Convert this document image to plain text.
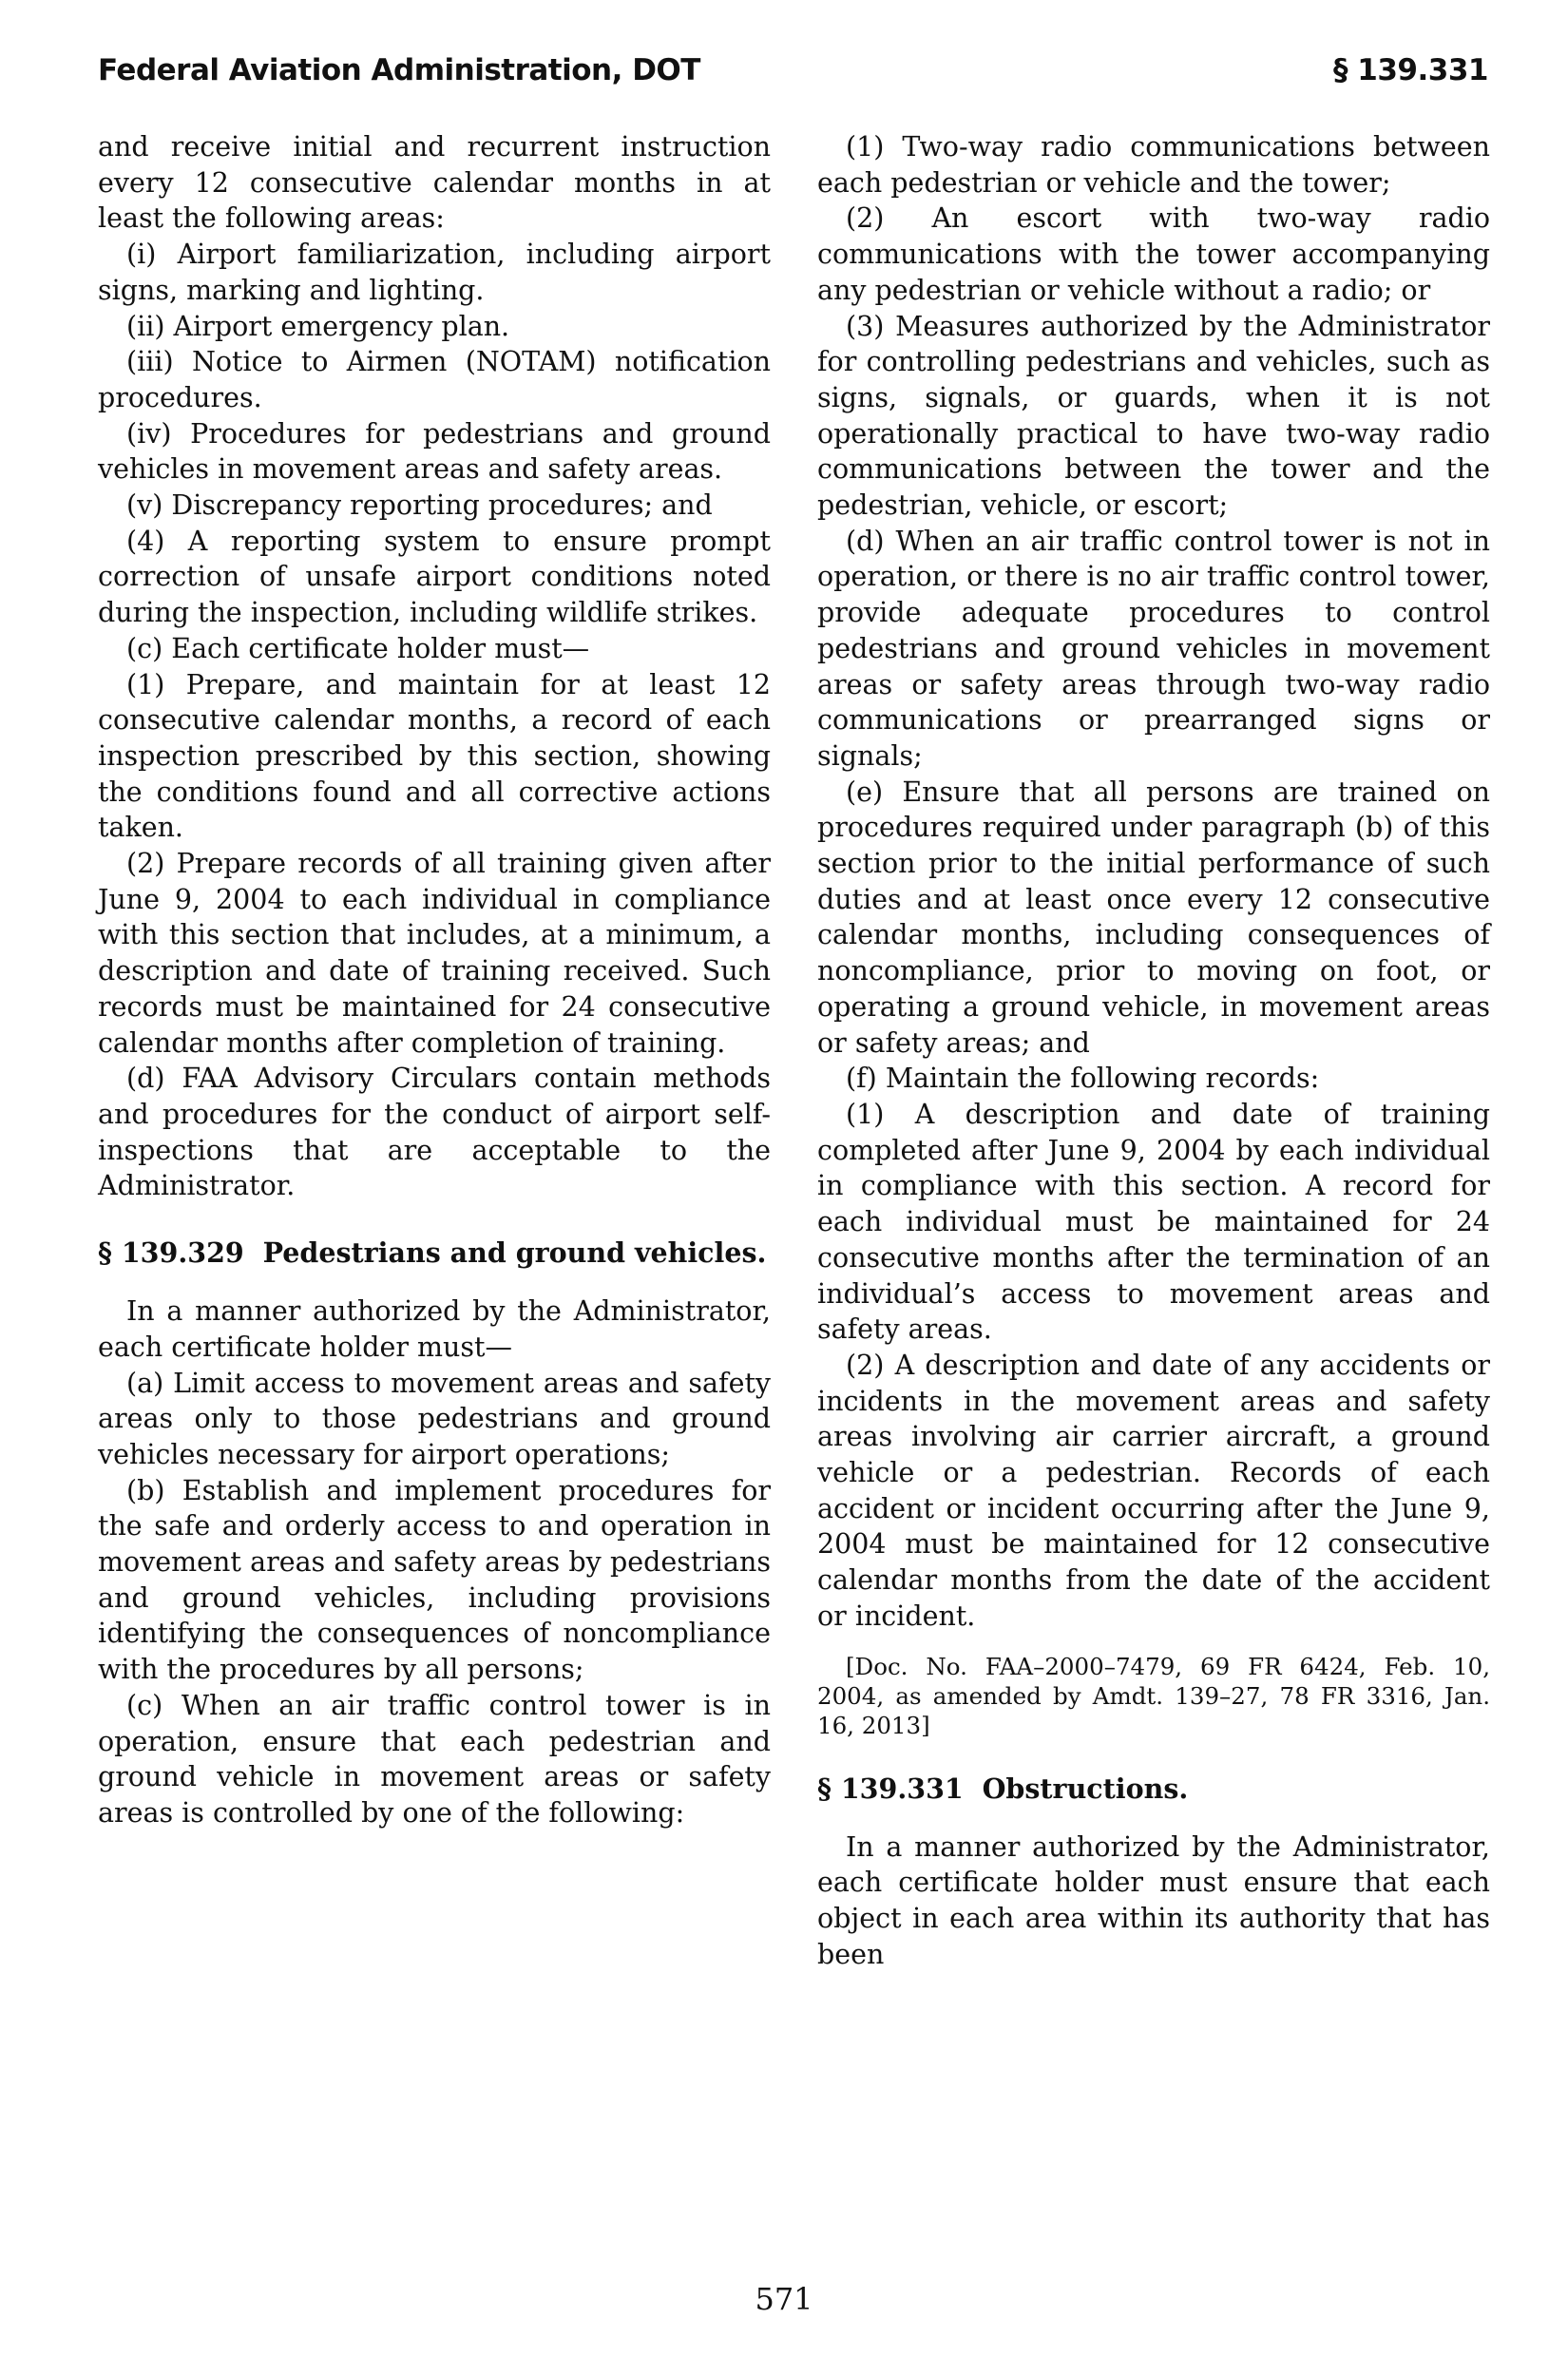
Federal Aviation Administration, DOT	§ 139.331

and receive initial and recurrent instruction every 12 consecutive calendar months in at least the following areas:

(i) Airport familiarization, including airport signs, marking and lighting.

(ii) Airport emergency plan.

(iii) Notice to Airmen (NOTAM) notification procedures.

(iv) Procedures for pedestrians and ground vehicles in movement areas and safety areas.

(v) Discrepancy reporting procedures; and

(4) A reporting system to ensure prompt correction of unsafe airport conditions noted during the inspection, including wildlife strikes.

(c) Each certificate holder must—

(1) Prepare, and maintain for at least 12 consecutive calendar months, a record of each inspection prescribed by this section, showing the conditions found and all corrective actions taken.

(2) Prepare records of all training given after June 9, 2004 to each individual in compliance with this section that includes, at a minimum, a description and date of training received. Such records must be maintained for 24 consecutive calendar months after completion of training.

(d) FAA Advisory Circulars contain methods and procedures for the conduct of airport self-inspections that are acceptable to the Administrator.

§ 139.329 Pedestrians and ground vehicles.

In a manner authorized by the Administrator, each certificate holder must—

(a) Limit access to movement areas and safety areas only to those pedestrians and ground vehicles necessary for airport operations;

(b) Establish and implement procedures for the safe and orderly access to and operation in movement areas and safety areas by pedestrians and ground vehicles, including provisions identifying the consequences of noncompliance with the procedures by all persons;

(c) When an air traffic control tower is in operation, ensure that each pedestrian and ground vehicle in movement areas or safety areas is controlled by one of the following:

(1) Two-way radio communications between each pedestrian or vehicle and the tower;

(2) An escort with two-way radio communications with the tower accompanying any pedestrian or vehicle without a radio; or

(3) Measures authorized by the Administrator for controlling pedestrians and vehicles, such as signs, signals, or guards, when it is not operationally practical to have two-way radio communications between the tower and the pedestrian, vehicle, or escort;

(d) When an air traffic control tower is not in operation, or there is no air traffic control tower, provide adequate procedures to control pedestrians and ground vehicles in movement areas or safety areas through two-way radio communications or prearranged signs or signals;

(e) Ensure that all persons are trained on procedures required under paragraph (b) of this section prior to the initial performance of such duties and at least once every 12 consecutive calendar months, including consequences of noncompliance, prior to moving on foot, or operating a ground vehicle, in movement areas or safety areas; and

(f) Maintain the following records:

(1) A description and date of training completed after June 9, 2004 by each individual in compliance with this section. A record for each individual must be maintained for 24 consecutive months after the termination of an individual’s access to movement areas and safety areas.

(2) A description and date of any accidents or incidents in the movement areas and safety areas involving air carrier aircraft, a ground vehicle or a pedestrian. Records of each accident or incident occurring after the June 9, 2004 must be maintained for 12 consecutive calendar months from the date of the accident or incident.

[Doc. No. FAA–2000–7479, 69 FR 6424, Feb. 10, 2004, as amended by Amdt. 139–27, 78 FR 3316, Jan. 16, 2013]

§ 139.331 Obstructions.

In a manner authorized by the Administrator, each certificate holder must ensure that each object in each area within its authority that has been

571
